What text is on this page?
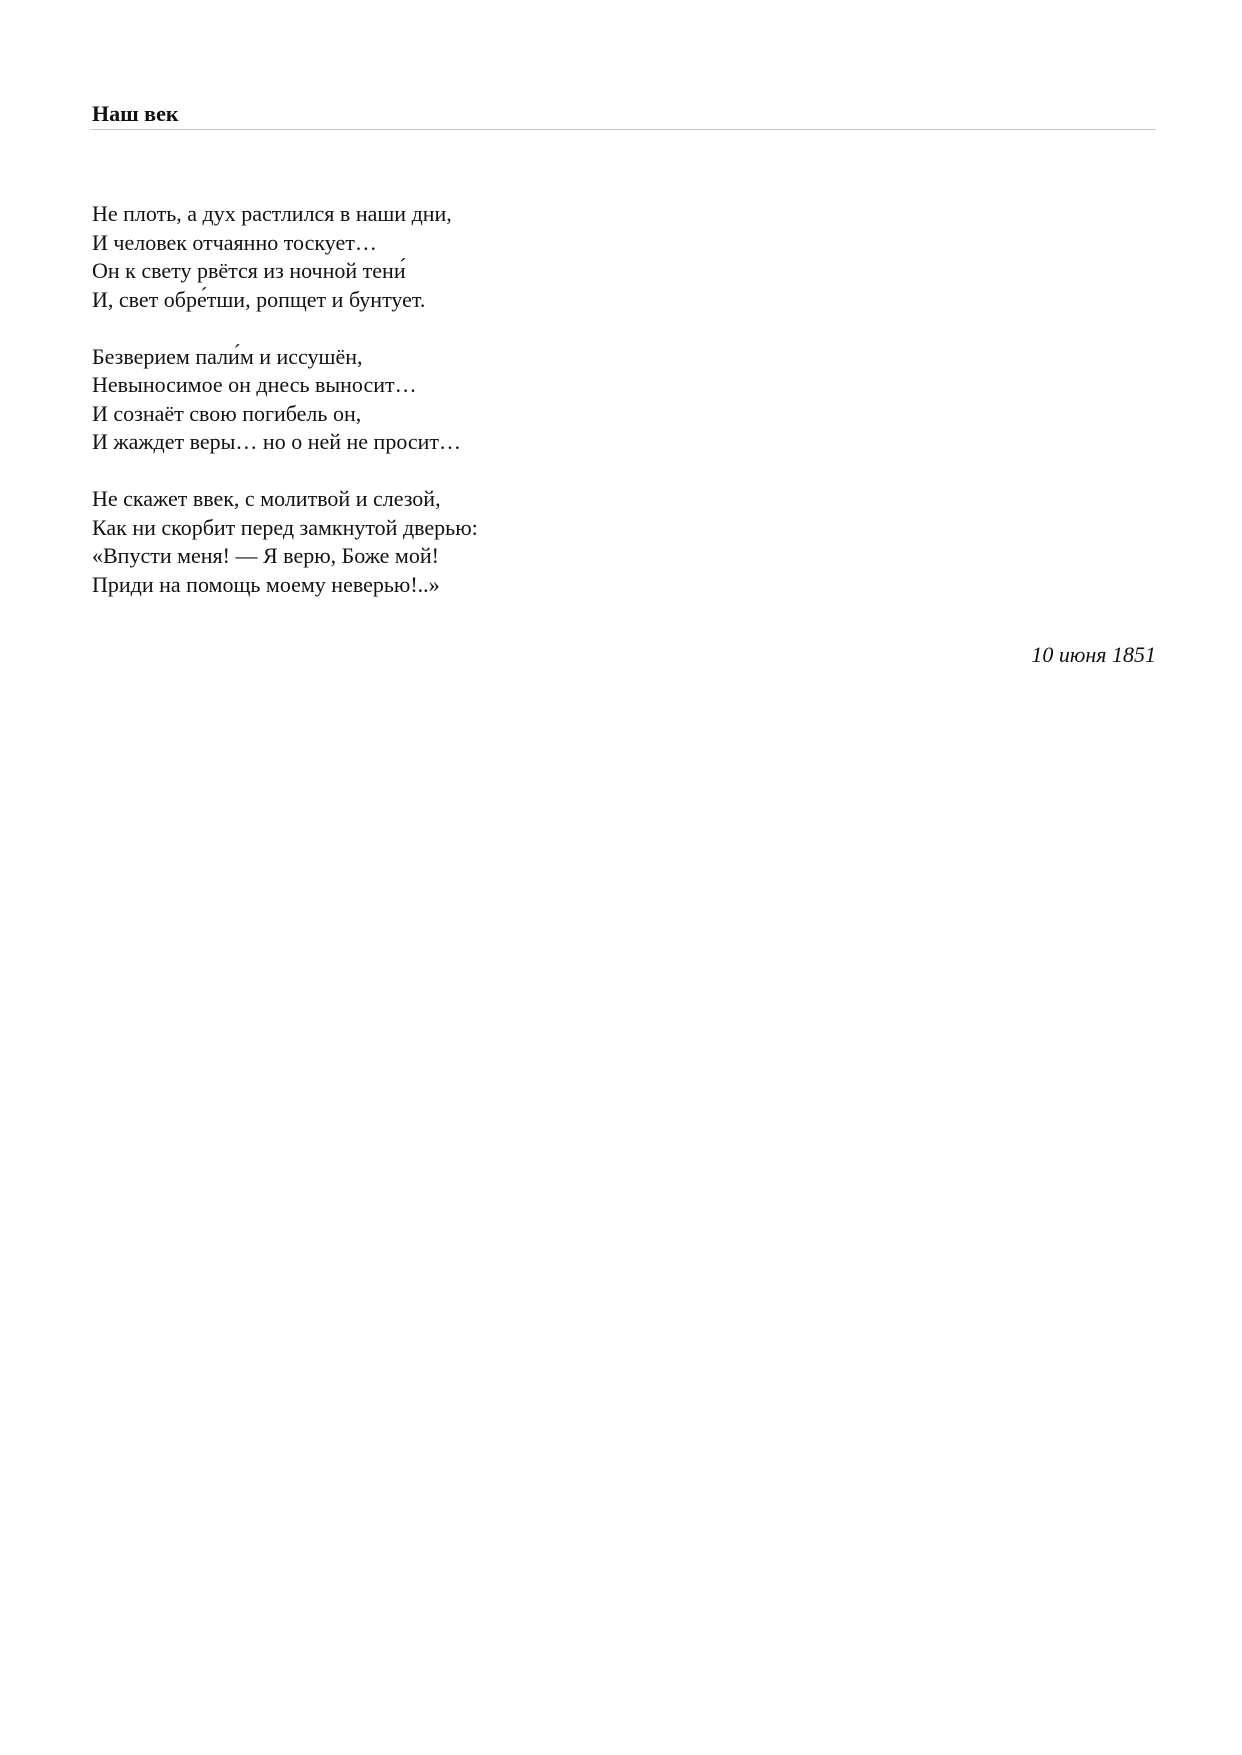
Наш век
Не плоть, а дух растлился в наши дни,
И человек отчаянно тоскует…
Он к свету рвётся из ночной тени́
И, свет обре́тши, ропщет и бунтует.
Безверием пали́м и иссушён,
Невыносимое он днесь выносит…
И сознаёт свою погибель он,
И жаждет веры… но о ней не просит…
Не скажет ввек, с молитвой и слезой,
Как ни скорбит перед замкнутой дверью:
«Впусти меня! — Я верю, Боже мой!
Приди на помощь моему неверью!..»
10 июня 1851
